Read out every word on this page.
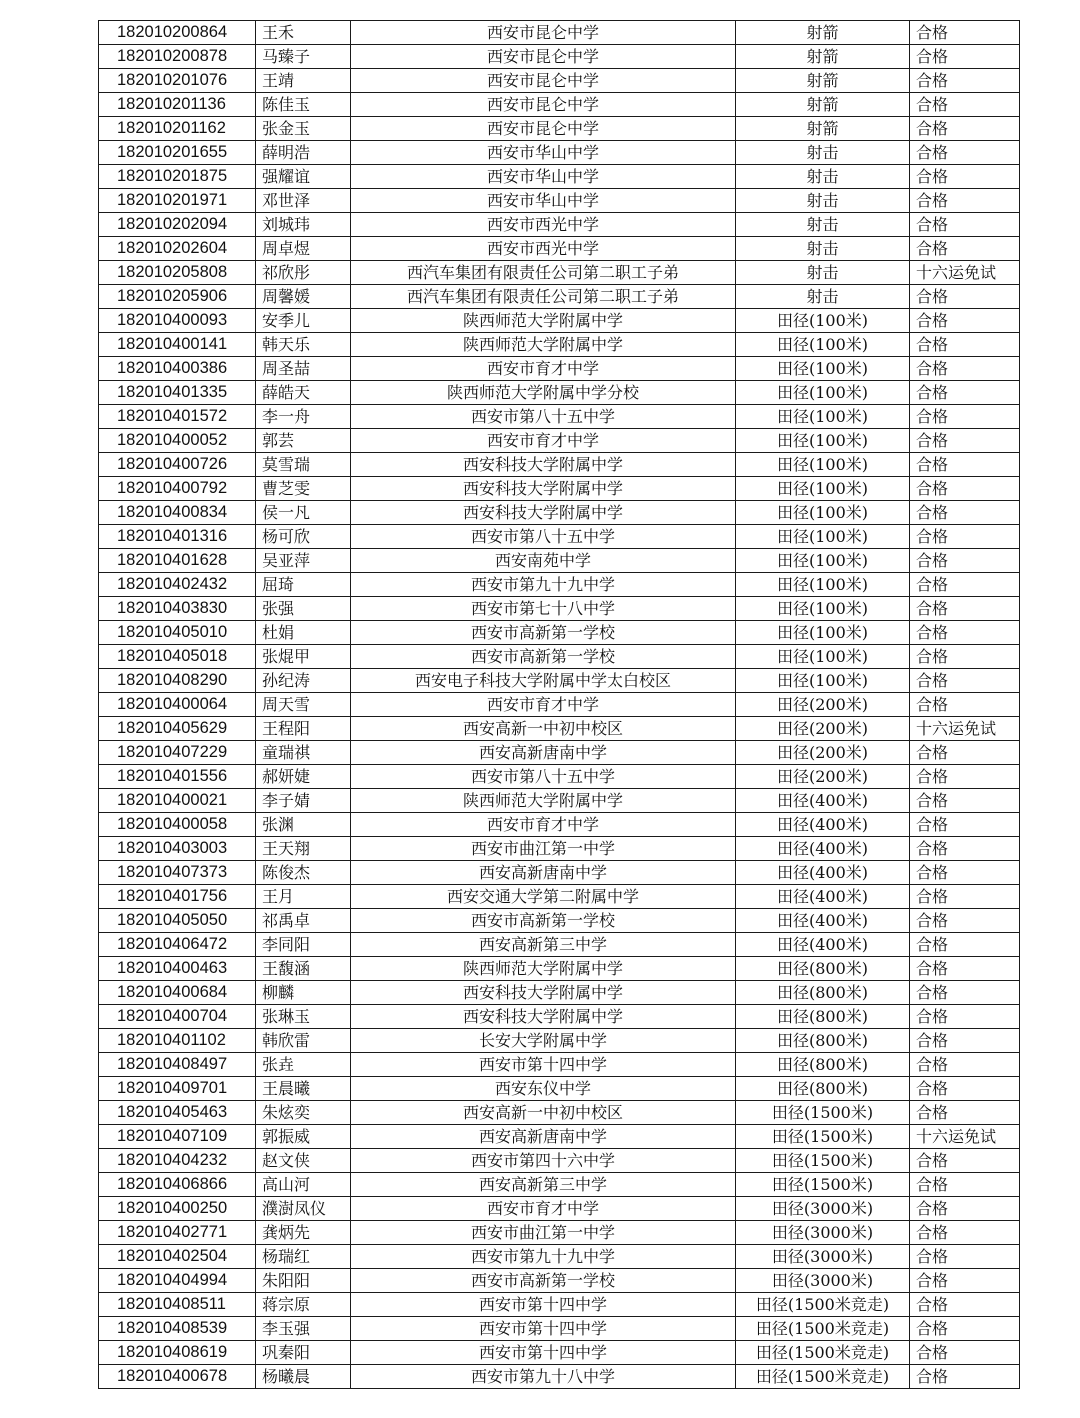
182010200864	王禾	西安市昆仑中学	射箭	合格
182010200878	马臻子	西安市昆仑中学	射箭	合格
182010201076	王靖	西安市昆仑中学	射箭	合格
182010201136	陈佳玉	西安市昆仑中学	射箭	合格
182010201162	张金玉	西安市昆仑中学	射箭	合格
182010201655	薛明浩	西安市华山中学	射击	合格
182010201875	强耀谊	西安市华山中学	射击	合格
182010201971	邓世泽	西安市华山中学	射击	合格
182010202094	刘城玮	西安市西光中学	射击	合格
182010202604	周卓煜	西安市西光中学	射击	合格
182010205808	祁欣彤	西汽车集团有限责任公司第二职工子弟	射击	十六运免试
182010205906	周馨媛	西汽车集团有限责任公司第二职工子弟	射击	合格
182010400093	安季儿	陕西师范大学附属中学	田径(100米)	合格
182010400141	韩天乐	陕西师范大学附属中学	田径(100米)	合格
182010400386	周圣喆	西安市育才中学	田径(100米)	合格
182010401335	薛皓天	陕西师范大学附属中学分校	田径(100米)	合格
182010401572	李一舟	西安市第八十五中学	田径(100米)	合格
182010400052	郭芸	西安市育才中学	田径(100米)	合格
182010400726	莫雪瑞	西安科技大学附属中学	田径(100米)	合格
182010400792	曹芝雯	西安科技大学附属中学	田径(100米)	合格
182010400834	侯一凡	西安科技大学附属中学	田径(100米)	合格
182010401316	杨可欣	西安市第八十五中学	田径(100米)	合格
182010401628	吴亚萍	西安南苑中学	田径(100米)	合格
182010402432	屈琦	西安市第九十九中学	田径(100米)	合格
182010403830	张强	西安市第七十八中学	田径(100米)	合格
182010405010	杜娟	西安市高新第一学校	田径(100米)	合格
182010405018	张焜甲	西安市高新第一学校	田径(100米)	合格
182010408290	孙纪涛	西安电子科技大学附属中学太白校区	田径(100米)	合格
182010400064	周天雪	西安市育才中学	田径(200米)	合格
182010405629	王程阳	西安高新一中初中校区	田径(200米)	十六运免试
182010407229	童瑞祺	西安高新唐南中学	田径(200米)	合格
182010401556	郝妍婕	西安市第八十五中学	田径(200米)	合格
182010400021	李子婧	陕西师范大学附属中学	田径(400米)	合格
182010400058	张渊	西安市育才中学	田径(400米)	合格
182010403003	王天翔	西安市曲江第一中学	田径(400米)	合格
182010407373	陈俊杰	西安高新唐南中学	田径(400米)	合格
182010401756	王月	西安交通大学第二附属中学	田径(400米)	合格
182010405050	祁禹卓	西安市高新第一学校	田径(400米)	合格
182010406472	李同阳	西安高新第三中学	田径(400米)	合格
182010400463	王馥涵	陕西师范大学附属中学	田径(800米)	合格
182010400684	柳麟	西安科技大学附属中学	田径(800米)	合格
182010400704	张琳玉	西安科技大学附属中学	田径(800米)	合格
182010401102	韩欣雷	长安大学附属中学	田径(800米)	合格
182010408497	张垚	西安市第十四中学	田径(800米)	合格
182010409701	王晨曦	西安东仪中学	田径(800米)	合格
182010405463	朱炫奕	西安高新一中初中校区	田径(1500米)	合格
182010407109	郭振威	西安高新唐南中学	田径(1500米)	十六运免试
182010404232	赵文侠	西安市第四十六中学	田径(1500米)	合格
182010406866	高山河	西安高新第三中学	田径(1500米)	合格
182010400250	濮澍凤仪	西安市育才中学	田径(3000米)	合格
182010402771	龚炳先	西安市曲江第一中学	田径(3000米)	合格
182010402504	杨瑞红	西安市第九十九中学	田径(3000米)	合格
182010404994	朱阳阳	西安市高新第一学校	田径(3000米)	合格
182010408511	蒋宗原	西安市第十四中学	田径(1500米竞走)	合格
182010408539	李玉强	西安市第十四中学	田径(1500米竞走)	合格
182010408619	巩秦阳	西安市第十四中学	田径(1500米竞走)	合格
182010400678	杨曦晨	西安市第九十八中学	田径(1500米竞走)	合格
